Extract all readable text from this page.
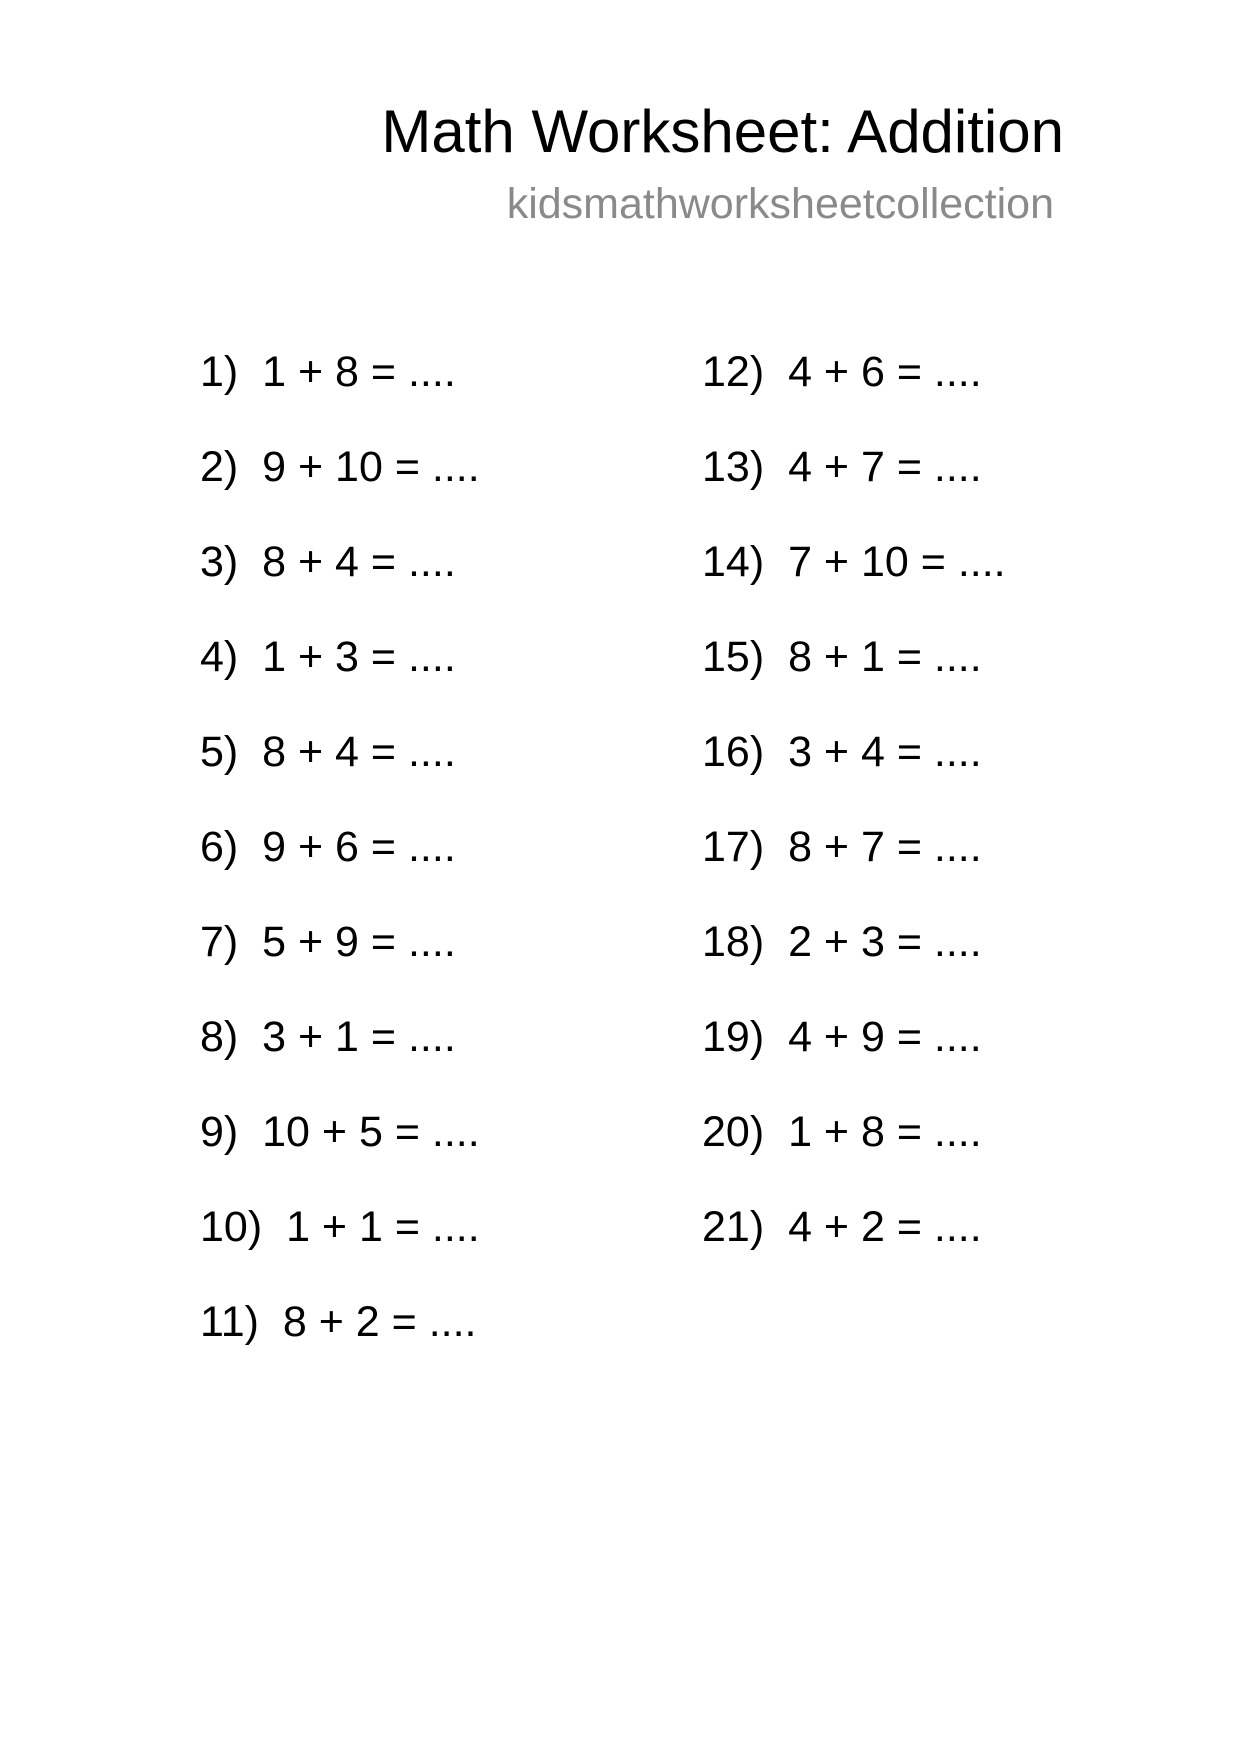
Math Worksheet: Addition
kidsmathworksheetcollection
1) 1 + 8 = ....
2) 9 + 10 = ....
3) 8 + 4 = ....
4) 1 + 3 = ....
5) 8 + 4 = ....
6) 9 + 6 = ....
7) 5 + 9 = ....
8) 3 + 1 = ....
9) 10 + 5 = ....
10) 1 + 1 = ....
11) 8 + 2 = ....
12) 4 + 6 = ....
13) 4 + 7 = ....
14) 7 + 10 = ....
15) 8 + 1 = ....
16) 3 + 4 = ....
17) 8 + 7 = ....
18) 2 + 3 = ....
19) 4 + 9 = ....
20) 1 + 8 = ....
21) 4 + 2 = ....
